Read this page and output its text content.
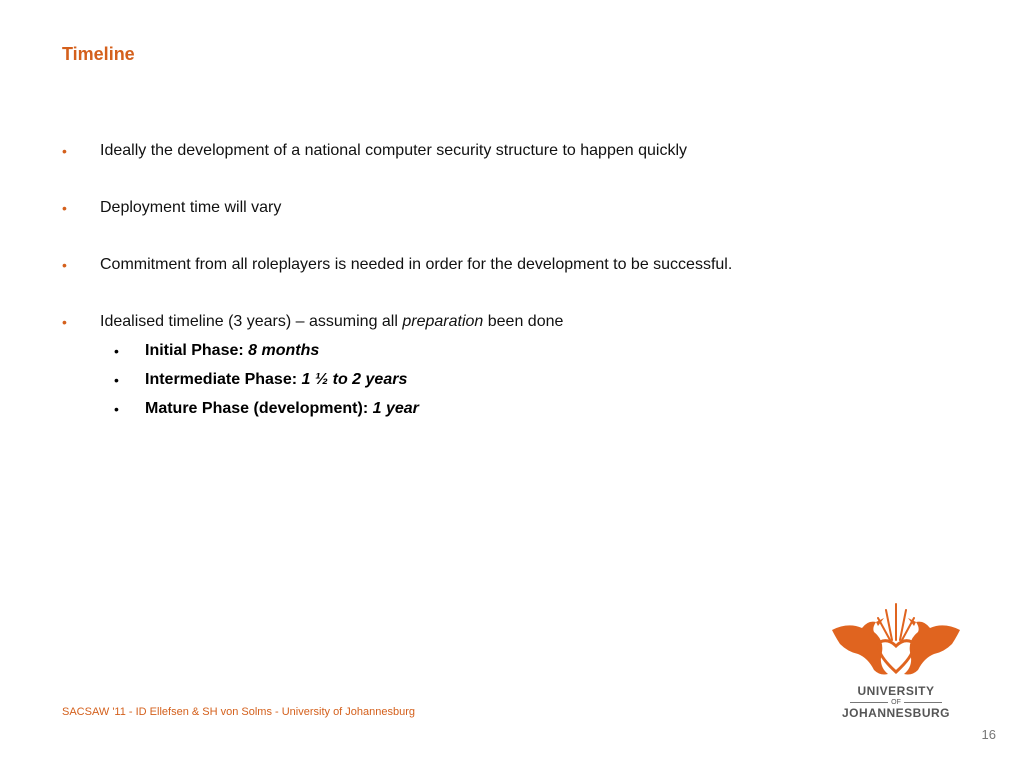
Timeline
• Ideally the development of a national computer security structure to happen quickly
• Deployment time will vary
• Commitment from all roleplayers is needed in order for the development to be successful.
• Idealised timeline (3 years) – assuming all preparation been done
• Initial Phase: 8 months
• Intermediate Phase: 1 ½ to 2 years
• Mature Phase (development): 1 year
UNIVERSITY
OF
JOHANNESBURG
SACSAW '11 - ID Ellefsen & SH von Solms - University of Johannesburg
16
